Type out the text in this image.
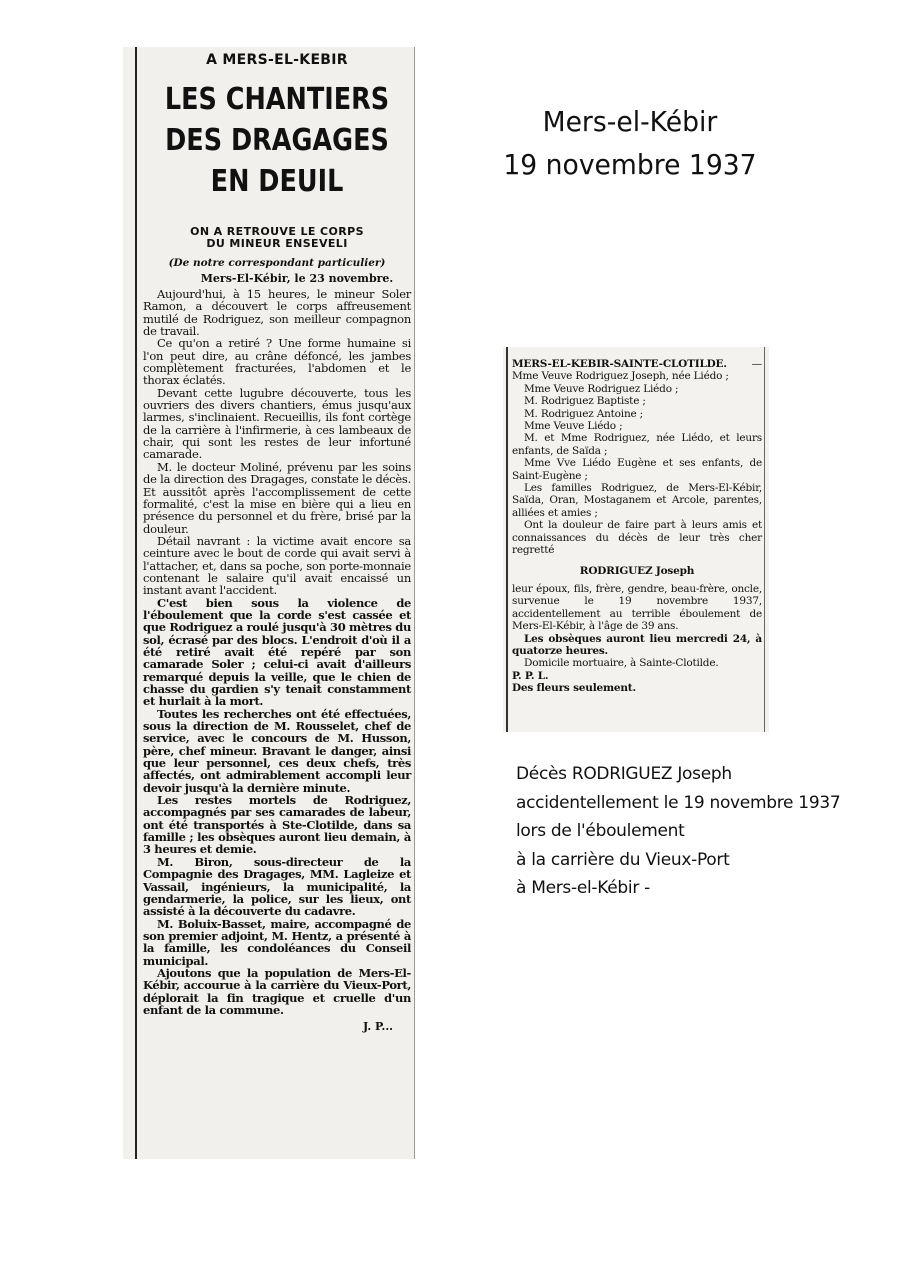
A MERS-EL-KEBIR
LES CHANTIERS
DES DRAGAGES
EN DEUIL
ON A RETROUVE LE CORPS
DU MINEUR ENSEVELI
(De notre correspondant particulier)
Mers-El-Kébir, le 23 novembre.

Aujourd'hui, à 15 heures, le mineur Soler Ramon, a découvert le corps affreusement mutilé de Rodriguez, son meilleur compagnon de travail.

Ce qu'on a retiré ? Une forme humaine si l'on peut dire, au crâne défoncé, les jambes complètement fracturées, l'abdomen et le thorax éclatés.

Devant cette lugubre découverte, tous les ouvriers des divers chantiers, émus jusqu'aux larmes, s'inclinaient. Recueillis, ils font cortège de la carrière à l'infirmerie, à ces lambeaux de chair, qui sont les restes de leur infortuné camarade.

M. le docteur Moliné, prévenu par les soins de la direction des Dragages, constate le décès. Et aussitôt après l'accomplissement de cette formalité, c'est la mise en bière qui a lieu en présence du personnel et du frère, brisé par la douleur.

Détail navrant : la victime avait encore sa ceinture avec le bout de corde qui avait servi à l'attacher, et, dans sa poche, son porte-monnaie contenant le salaire qu'il avait encaissé un instant avant l'accident.

C'est bien sous la violence de l'éboulement que la corde s'est cassée et que Rodriguez a roulé jusqu'à 30 mètres du sol, écrasé par des blocs. L'endroit d'où il a été retiré avait été repéré par son camarade Soler ; celui-ci avait d'ailleurs remarqué depuis la veille, que le chien de chasse du gardien s'y tenait constamment et hurlait à la mort.

Toutes les recherches ont été effectuées, sous la direction de M. Rousselet, chef de service, avec le concours de M. Husson, père, chef mineur. Bravant le danger, ainsi que leur personnel, ces deux chefs, très affectés, ont admirablement accompli leur devoir jusqu'à la dernière minute.

Les restes mortels de Rodriguez, accompagnés par ses camarades de labeur, ont été transportés à Ste-Clotilde, dans sa famille ; les obsèques auront lieu demain, à 3 heures et demie.

M. Biron, sous-directeur de la Compagnie des Dragages, MM. Lagleize et Vassail, ingénieurs, la municipalité, la gendarmerie, la police, sur les lieux, ont assisté à la découverte du cadavre.

M. Boluix-Basset, maire, accompagné de son premier adjoint, M. Hentz, a présenté à la famille, les condoléances du Conseil municipal.

Ajoutons que la population de Mers-El-Kébir, accourue à la carrière du Vieux-Port, déplorait la fin tragique et cruelle d'un enfant de la commune.

J. P...
Mers-el-Kébir
19 novembre 1937

MERS-EL-KEBIR-SAINTE-CLOTILDE. — Mme Veuve Rodriguez Joseph, née Liédo ;

Mme Veuve Rodriguez Liédo ;

M. Rodriguez Baptiste ;

M. Rodriguez Antoine ;

Mme Veuve Liédo ;

M. et Mme Rodriguez, née Liédo, et leurs enfants, de Saïda ;

Mme Vve Liédo Eugène et ses enfants, de Saint-Eugène ;

Les familles Rodriguez, de Mers-El-Kébir, Saïda, Oran, Mostaganem et Arcole, parentes, alliées et amies ;

Ont la douleur de faire part à leurs amis et connaissances du décès de leur très cher regretté

RODRIGUEZ Joseph

leur époux, fils, frère, gendre, beau-frère, oncle, survenue le 19 novembre 1937, accidentellement au terrible éboulement de Mers-El-Kébir, à l'âge de 39 ans.

Les obsèques auront lieu mercredi 24, à quatorze heures.

Domicile mortuaire, à Sainte-Clotilde.

P. P. L.

Des fleurs seulement.

Décès RODRIGUEZ Joseph
accidentellement le 19 novembre 1937
lors de l'éboulement
à la carrière du Vieux-Port
à Mers-el-Kébir -
